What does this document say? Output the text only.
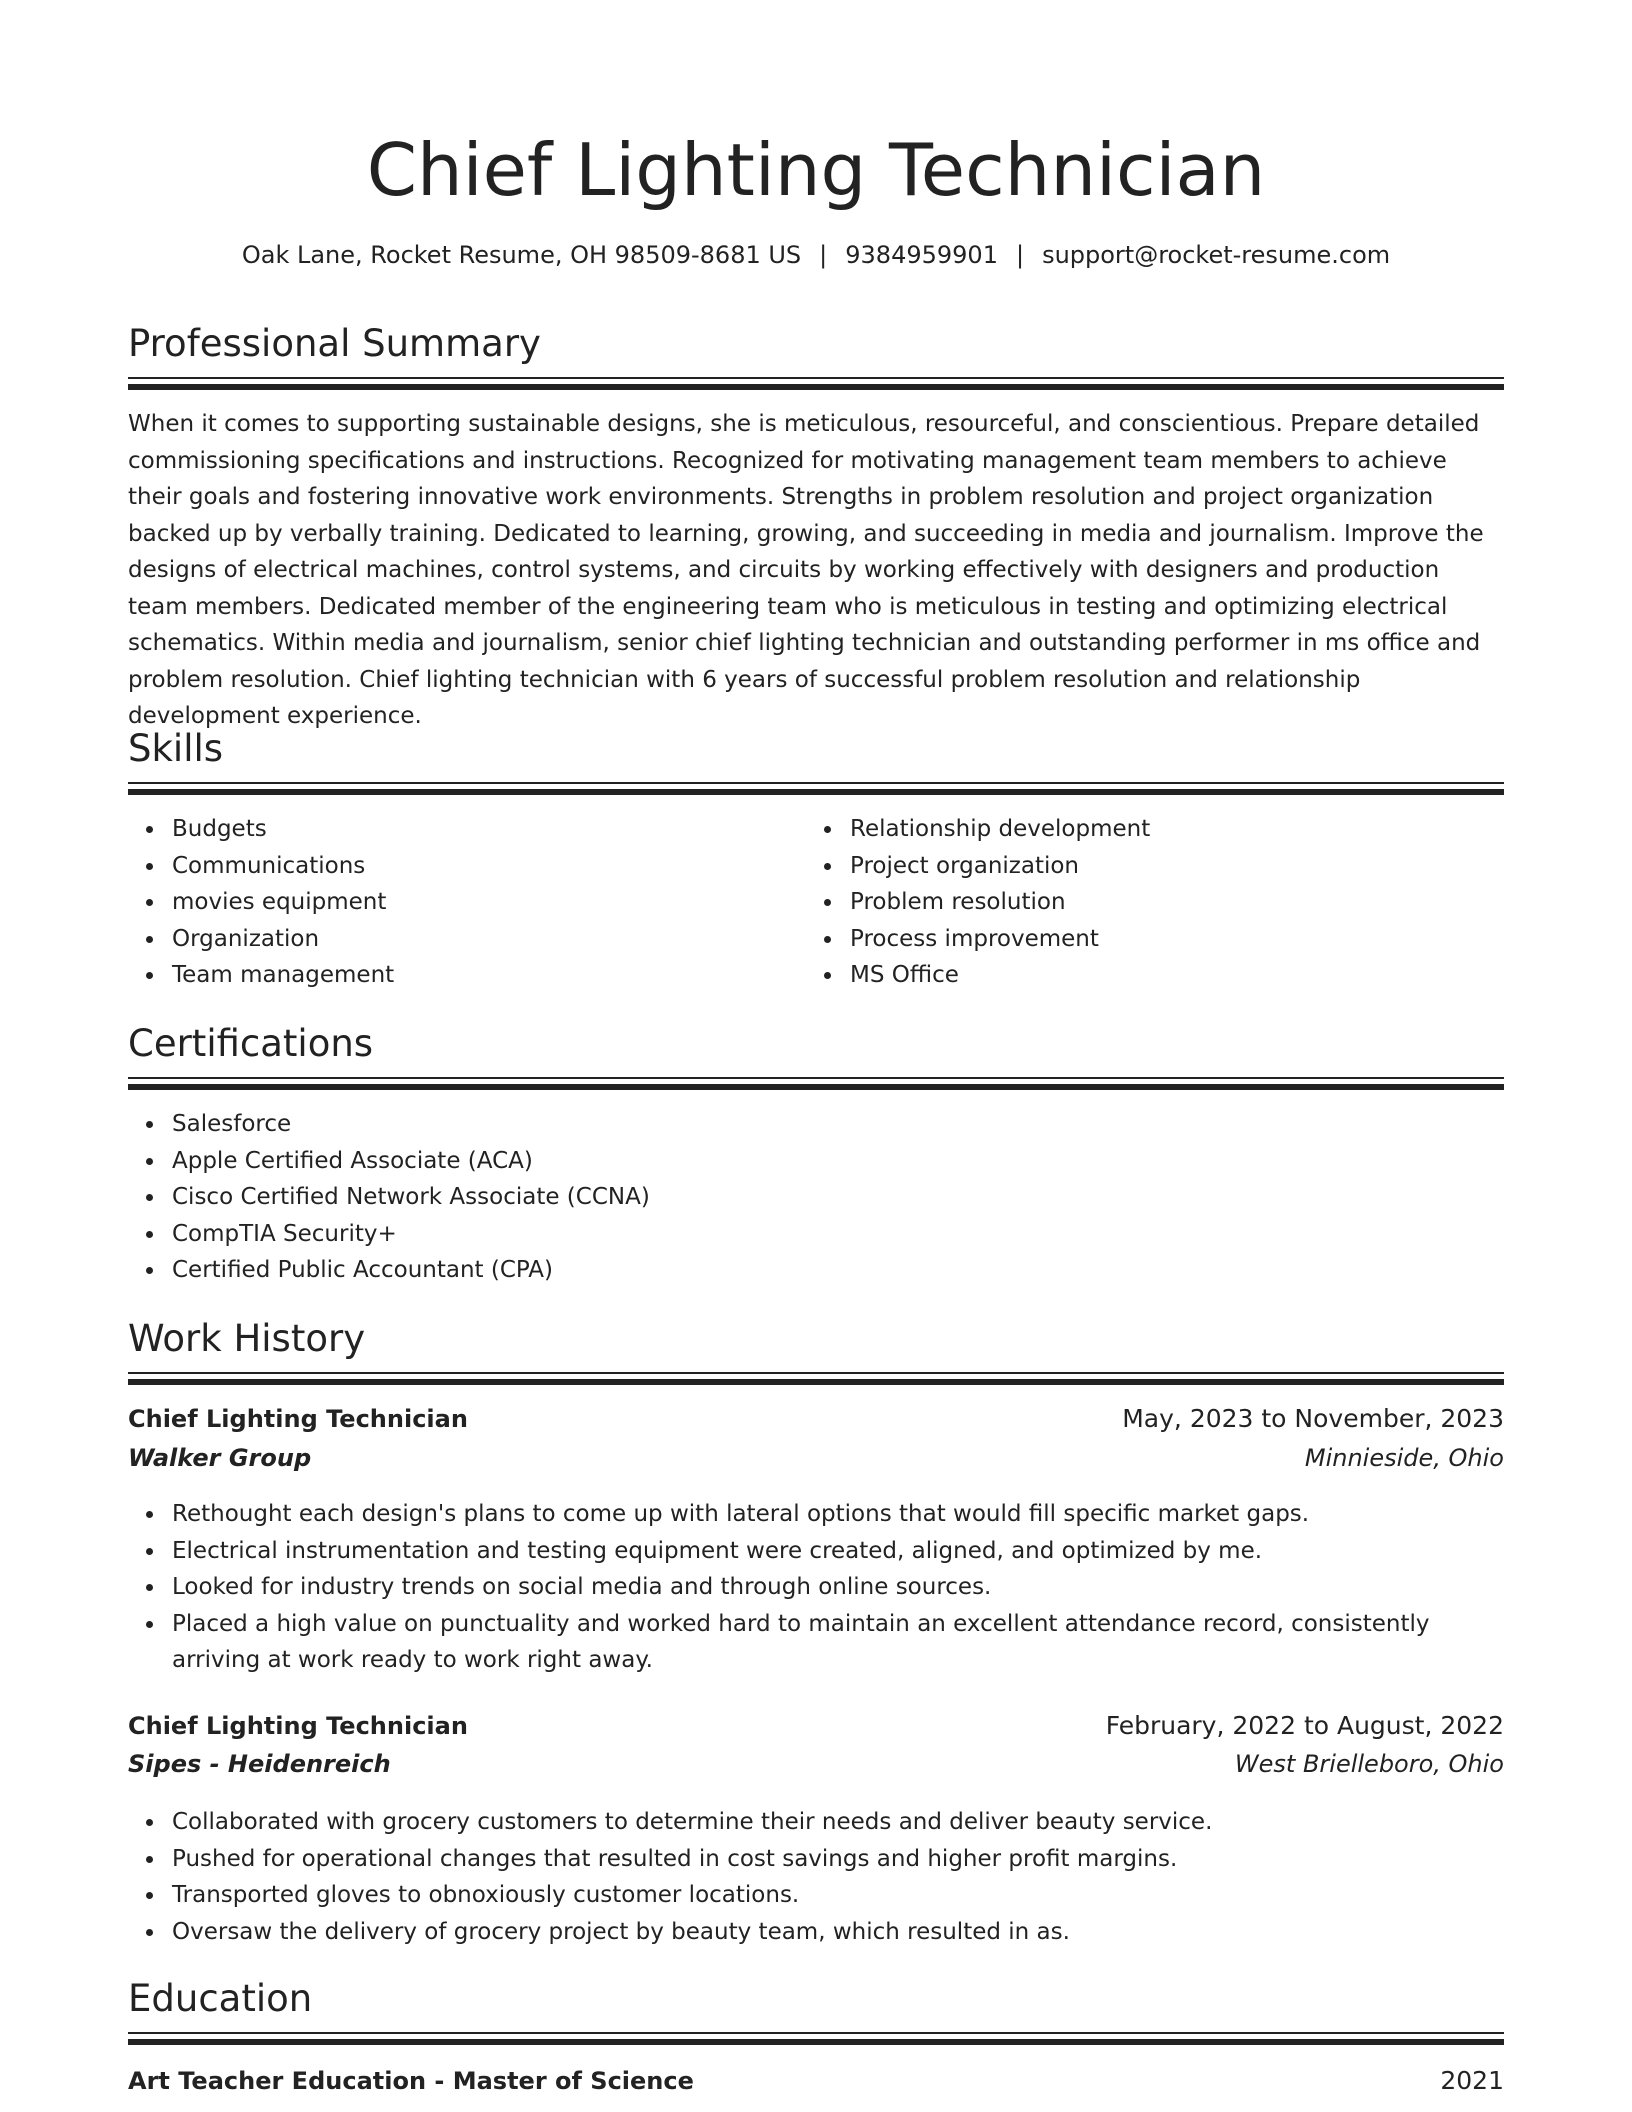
Chief Lighting Technician
Oak Lane, Rocket Resume, OH 98509-8681 US | 9384959901 | support@rocket-resume.com
Professional Summary

When it comes to supporting sustainable designs, she is meticulous, resourceful, and conscientious. Prepare detailed commissioning specifications and instructions. Recognized for motivating management team members to achieve their goals and fostering innovative work environments. Strengths in problem resolution and project organization backed up by verbally training. Dedicated to learning, growing, and succeeding in media and journalism. Improve the designs of electrical machines, control systems, and circuits by working effectively with designers and production team members. Dedicated member of the engineering team who is meticulous in testing and optimizing electrical schematics. Within media and journalism, senior chief lighting technician and outstanding performer in ms office and problem resolution. Chief lighting technician with 6 years of successful problem resolution and relationship development experience.

Skills
Budgets
Communications
movies equipment
Organization
Team management
Relationship development
Project organization
Problem resolution
Process improvement
MS Office
Certifications
Salesforce
Apple Certified Associate (ACA)
Cisco Certified Network Associate (CCNA)
CompTIA Security+
Certified Public Accountant (CPA)
Work History
Chief Lighting Technician	May, 2023 to November, 2023
Walker Group	Minnieside, Ohio
Rethought each design's plans to come up with lateral options that would fill specific market gaps.
Electrical instrumentation and testing equipment were created, aligned, and optimized by me.
Looked for industry trends on social media and through online sources.
Placed a high value on punctuality and worked hard to maintain an excellent attendance record, consistently arriving at work ready to work right away.
Chief Lighting Technician	February, 2022 to August, 2022
Sipes - Heidenreich	West Brielleboro, Ohio
Collaborated with grocery customers to determine their needs and deliver beauty service.
Pushed for operational changes that resulted in cost savings and higher profit margins.
Transported gloves to obnoxiously customer locations.
Oversaw the delivery of grocery project by beauty team, which resulted in as.
Education
Art Teacher Education - Master of Science	2021
